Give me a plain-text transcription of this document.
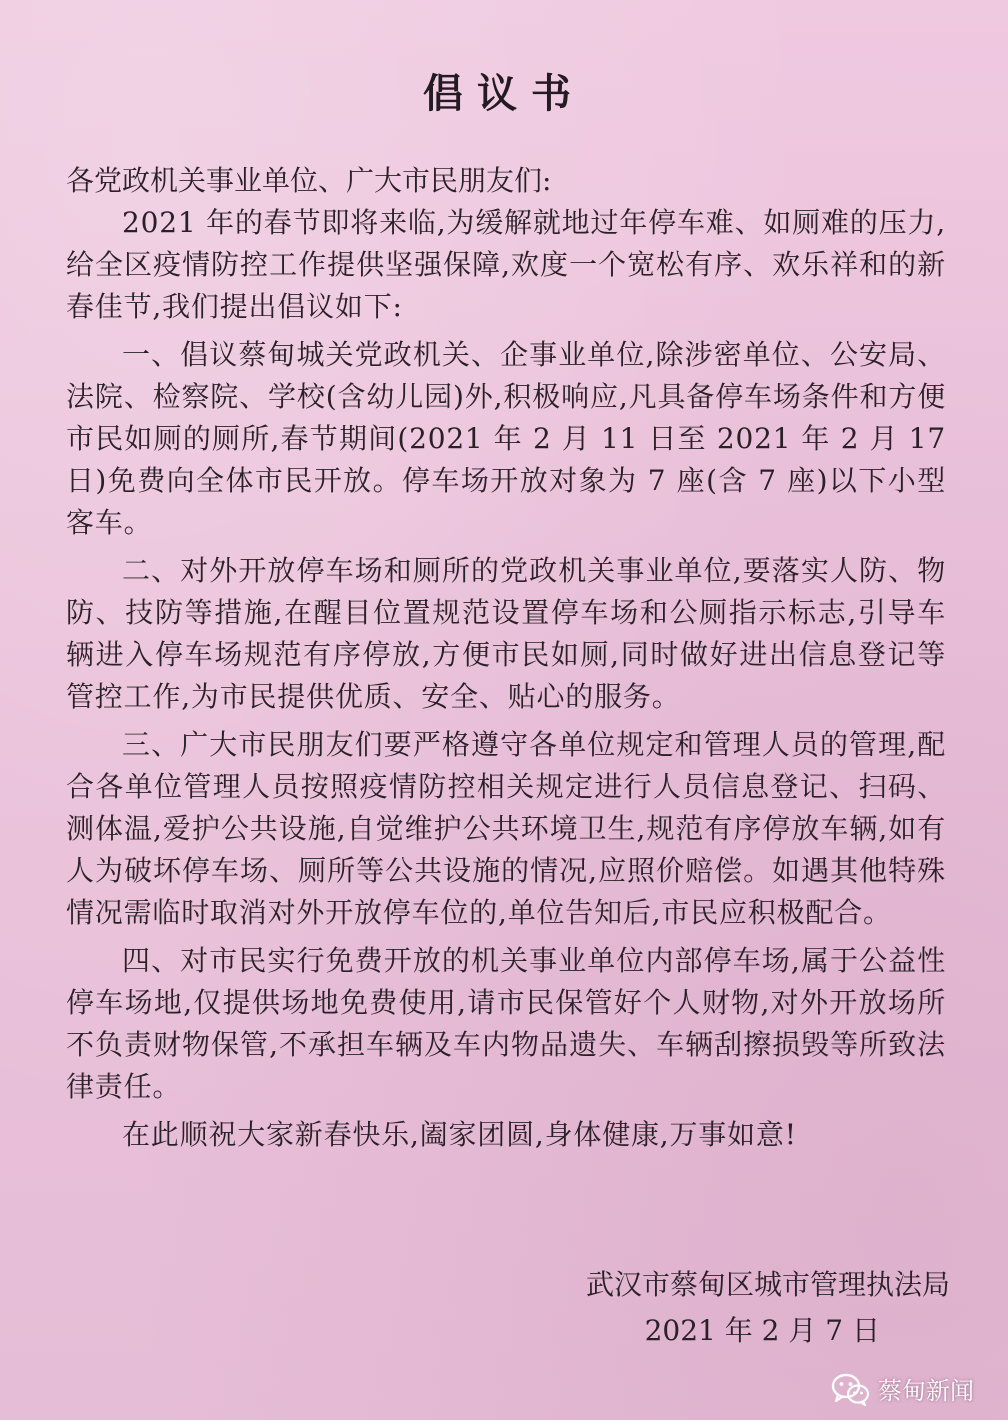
倡议书
各党政机关事业单位、广大市民朋友们:

2021 年的春节即将来临,为缓解就地过年停车难、如厕难的压力,给全区疫情防控工作提供坚强保障,欢度一个宽松有序、欢乐祥和的新春佳节,我们提出倡议如下:

一、倡议蔡甸城关党政机关、企事业单位,除涉密单位、公安局、法院、检察院、学校(含幼儿园)外,积极响应,凡具备停车场条件和方便市民如厕的厕所,春节期间(2021 年 2 月 11 日至 2021 年 2 月 17 日)免费向全体市民开放。停车场开放对象为 7 座(含 7 座)以下小型客车。

二、对外开放停车场和厕所的党政机关事业单位,要落实人防、物防、技防等措施,在醒目位置规范设置停车场和公厕指示标志,引导车辆进入停车场规范有序停放,方便市民如厕,同时做好进出信息登记等管控工作,为市民提供优质、安全、贴心的服务。

三、广大市民朋友们要严格遵守各单位规定和管理人员的管理,配合各单位管理人员按照疫情防控相关规定进行人员信息登记、扫码、测体温,爱护公共设施,自觉维护公共环境卫生,规范有序停放车辆,如有人为破坏停车场、厕所等公共设施的情况,应照价赔偿。如遇其他特殊情况需临时取消对外开放停车位的,单位告知后,市民应积极配合。

四、对市民实行免费开放的机关事业单位内部停车场,属于公益性停车场地,仅提供场地免费使用,请市民保管好个人财物,对外开放场所不负责财物保管,不承担车辆及车内物品遗失、车辆刮擦损毁等所致法律责任。

在此顺祝大家新春快乐,阖家团圆,身体健康,万事如意!

武汉市蔡甸区城市管理执法局
2021 年 2 月 7 日
蔡甸新闻
